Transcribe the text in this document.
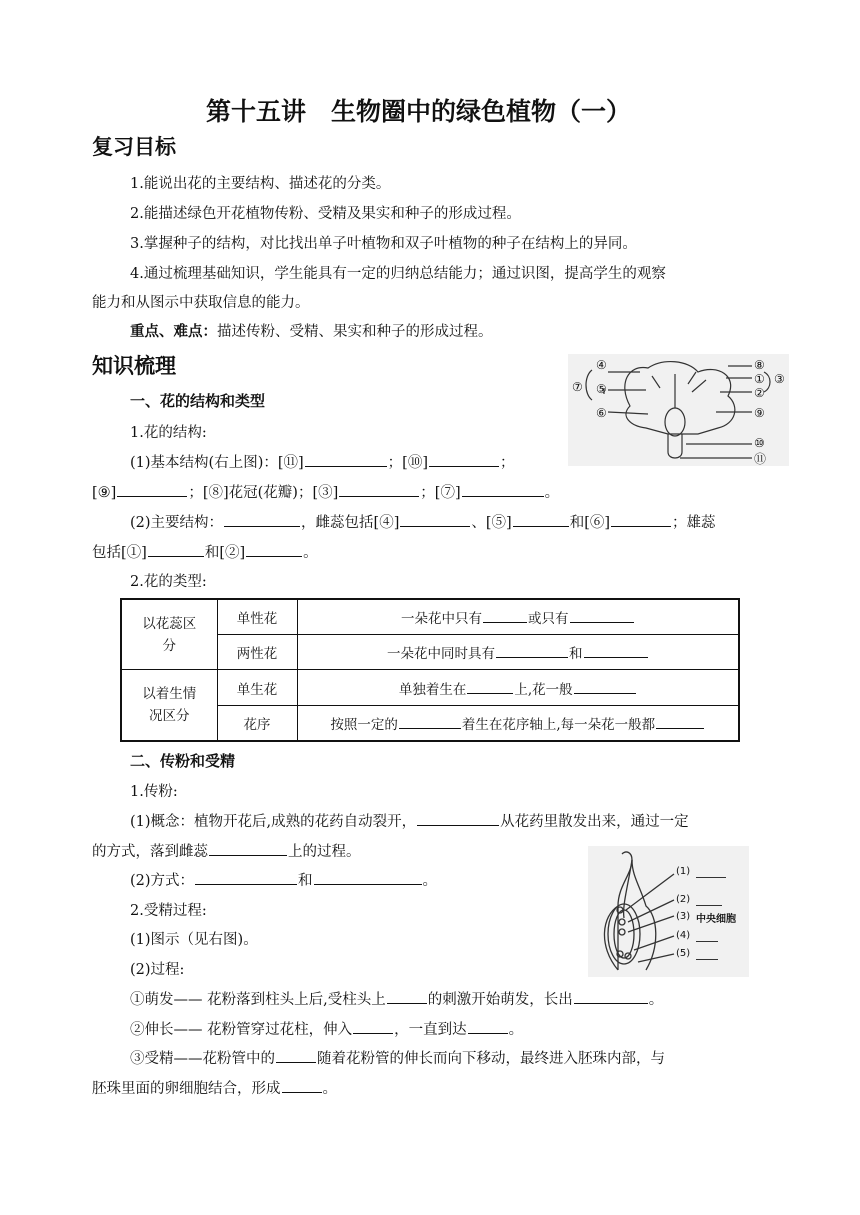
第十五讲　生物圈中的绿色植物（一）
复习目标
1.能说出花的主要结构、描述花的分类。
2.能描述绿色开花植物传粉、受精及果实和种子的形成过程。
3.掌握种子的结构，对比找出单子叶植物和双子叶植物的种子在结构上的异同。
4.通过梳理基础知识，学生能具有一定的归纳总结能力；通过识图，提高学生的观察
能力和从图示中获取信息的能力。
重点、难点：描述传粉、受精、果实和种子的形成过程。
知识梳理
一、花的结构和类型
1.花的结构:
(1)基本结构(右上图)：[⑪]	；[⑩]	；
[⑨]	；[⑧]花冠(花瓣)；[③]	；[⑦]	。
(2)主要结构：	，雌蕊包括[④]	、[⑤]	和[⑥]	；雄蕊
包括[①]	和[②]	。
2.花的类型:
以花蕊区分	单性花	一朵花中只有 或只有
	两性花	一朵花中同时具有 和
以着生情况区分	单生花	单独着生在 上,花一般
	花序	按照一定的 着生在花序轴上,每一朵花一般都
二、传粉和受精
1.传粉:
(1)概念：植物开花后,成熟的花药自动裂开，	从花药里散发出来，通过一定
的方式，落到雌蕊	上的过程。
(2)方式：	和	。
2.受精过程:
(1)图示（见右图)。
(2)过程:
①萌发—— 花粉落到柱头上后,受柱头上	的刺激开始萌发，长出	。
②伸长—— 花粉管穿过花柱，伸入	，一直到达	。
③受精——花粉管中的	随着花粉管的伸长而向下移动，最终进入胚珠内部，与
胚珠里面的卵细胞结合，形成	。
④
⑤
⑥
⑦
⑧
①
②
③
⑨
⑩
⑪
(1)
(2)
(3) 中央细胞
(4)
(5)
